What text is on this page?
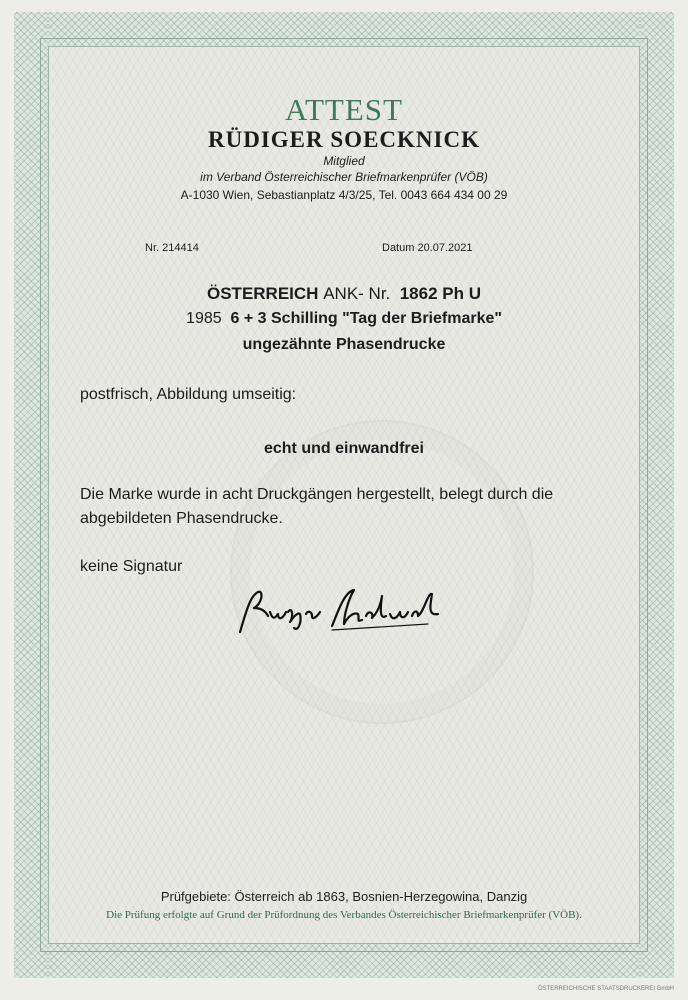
ATTEST
RÜDIGER SOECKNICK
Mitglied
im Verband Österreichischer Briefmarkenprüfer (VÖB)
A-1030 Wien, Sebastianplatz 4/3/25, Tel. 0043 664 434 00 29
Nr. 214414	Datum 20.07.2021
ÖSTERREICH ANK- Nr. 1862 Ph U
1985 6 + 3 Schilling "Tag der Briefmarke"
ungezähnte Phasendrucke
postfrisch, Abbildung umseitig:
echt und einwandfrei
Die Marke wurde in acht Druckgängen hergestellt, belegt durch die
abgebildeten Phasendrucke.
keine Signatur
Prüfgebiete: Österreich ab 1863, Bosnien-Herzegowina, Danzig
Die Prüfung erfolgte auf Grund der Prüfordnung des Verbandes Österreichischer Briefmarkenprüfer (VÖB).
ÖSTERREICHISCHE STAATSDRUCKEREI GmbH
